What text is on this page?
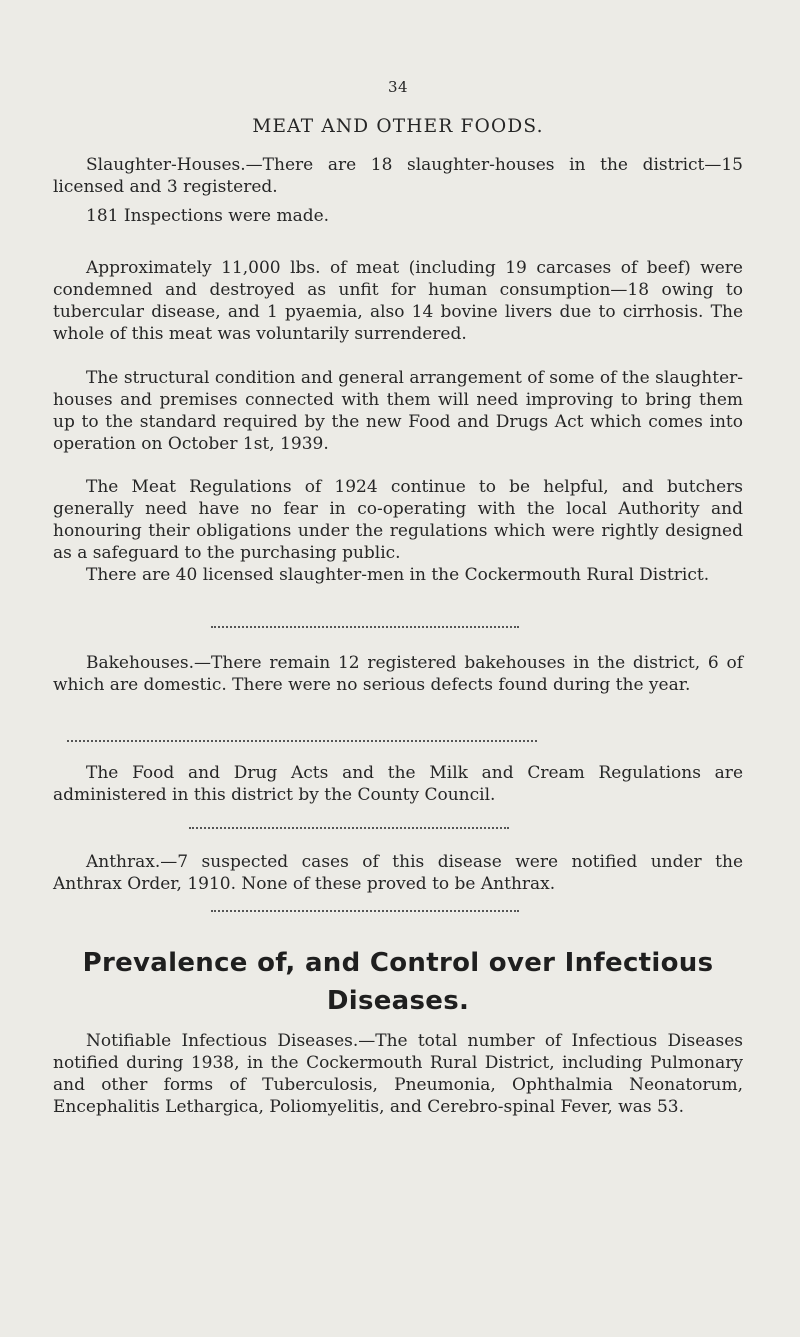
34
MEAT AND OTHER FOODS.

Slaughter-Houses.—There are 18 slaughter-houses in the district—15 licensed and 3 registered.

181 Inspections were made.

Approximately 11,000 lbs. of meat (including 19 carcases of beef) were condemned and destroyed as unfit for human consumption—18 owing to tubercular disease, and 1 pyaemia, also 14 bovine livers due to cirrhosis. The whole of this meat was voluntarily surrendered.

The structural condition and general arrangement of some of the slaughter-houses and premises connected with them will need improving to bring them up to the standard required by the new Food and Drugs Act which comes into operation on October 1st, 1939.

The Meat Regulations of 1924 continue to be helpful, and butchers generally need have no fear in co-operating with the local Authority and honouring their obligations under the regulations which were rightly designed as a safeguard to the purchasing public.

There are 40 licensed slaughter-men in the Cockermouth Rural District.

Bakehouses.—There remain 12 registered bakehouses in the district, 6 of which are domestic. There were no serious defects found during the year.

The Food and Drug Acts and the Milk and Cream Regulations are administered in this district by the County Council.

Anthrax.—7 suspected cases of this disease were notified under the Anthrax Order, 1910. None of these proved to be Anthrax.

Prevalence of, and Control over Infectious
Diseases.

Notifiable Infectious Diseases.—The total number of Infectious Diseases notified during 1938, in the Cockermouth Rural District, including Pulmonary and other forms of Tuberculosis, Pneumonia, Ophthalmia Neonatorum, Encephalitis Lethargica, Poliomyelitis, and Cerebro-spinal Fever, was 53.
